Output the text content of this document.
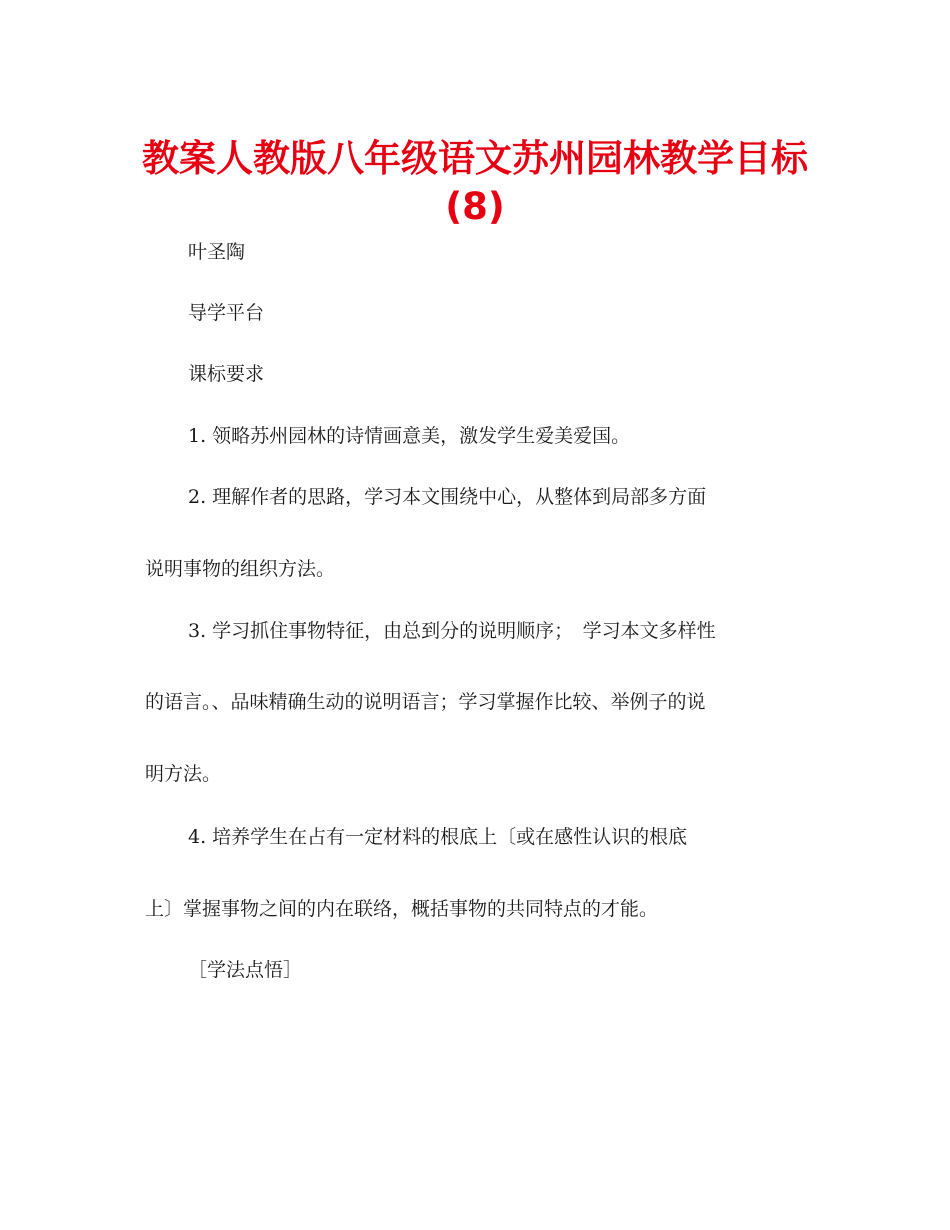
教案人教版八年级语文苏州园林教学目标
(8)

叶圣陶

导学平台

课标要求

1. 领略苏州园林的诗情画意美，激发学生爱美爱国。

2. 理解作者的思路，学习本文围绕中心，从整体到局部多方面

说明事物的组织方法。

3. 学习抓住事物特征，由总到分的说明顺序；　学习本文多样性

的语言。、品味精确生动的说明语言；学习掌握作比较、举例子的说

明方法。

4. 培养学生在占有一定材料的根底上〔或在感性认识的根底

上〕掌握事物之间的内在联络，概括事物的共同特点的才能。

［学法点悟］
